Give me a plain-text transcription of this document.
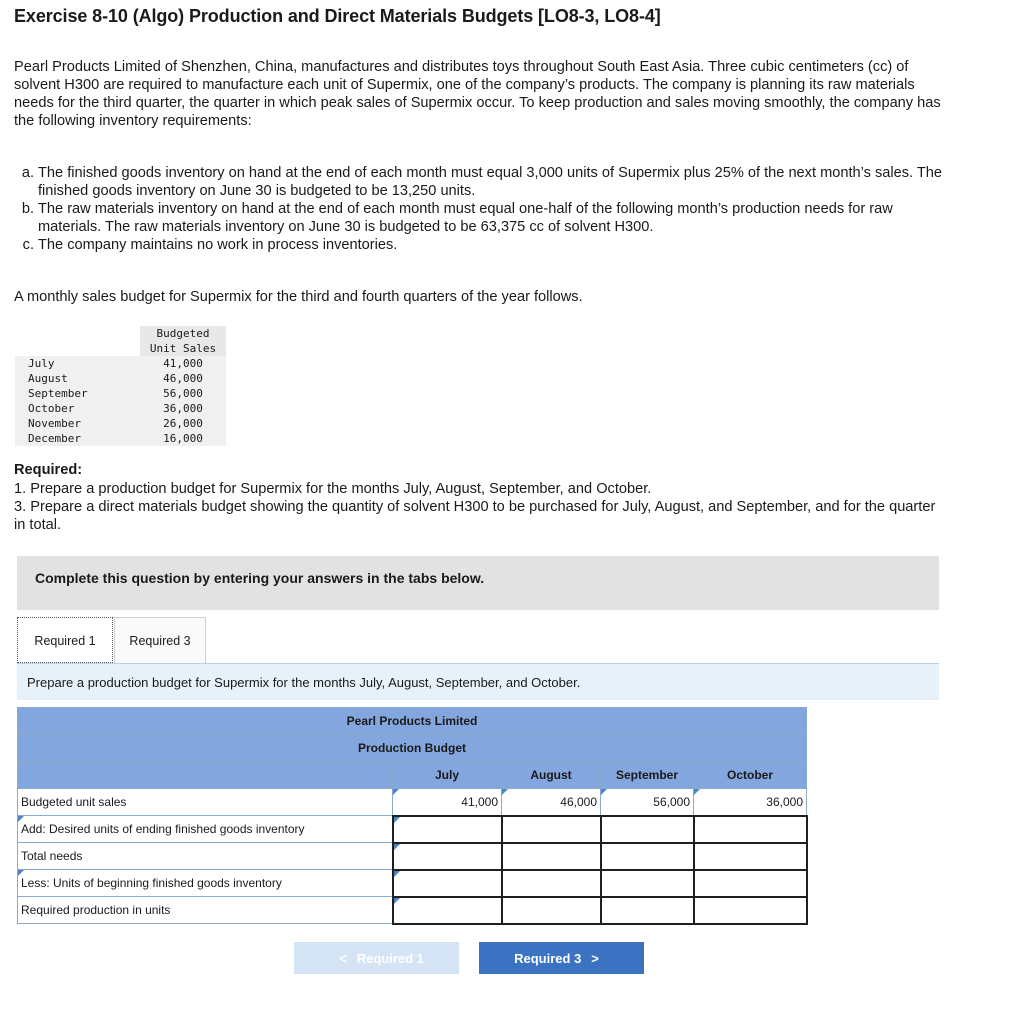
Exercise 8-10 (Algo) Production and Direct Materials Budgets [LO8-3, LO8-4]
Pearl Products Limited of Shenzhen, China, manufactures and distributes toys throughout South East Asia. Three cubic centimeters (cc) of solvent H300 are required to manufacture each unit of Supermix, one of the company’s products. The company is planning its raw materials needs for the third quarter, the quarter in which peak sales of Supermix occur. To keep production and sales moving smoothly, the company has the following inventory requirements:
a. The finished goods inventory on hand at the end of each month must equal 3,000 units of Supermix plus 25% of the next month’s sales. The finished goods inventory on June 30 is budgeted to be 13,250 units.
b. The raw materials inventory on hand at the end of each month must equal one-half of the following month’s production needs for raw materials. The raw materials inventory on June 30 is budgeted to be 63,375 cc of solvent H300.
c. The company maintains no work in process inventories.
A monthly sales budget for Supermix for the third and fourth quarters of the year follows.
	Budgeted
	Unit Sales
July	41,000
August	46,000
September	56,000
October	36,000
November	26,000
December	16,000
Required:
1. Prepare a production budget for Supermix for the months July, August, September, and October.
3. Prepare a direct materials budget showing the quantity of solvent H300 to be purchased for July, August, and September, and for the quarter in total.
Complete this question by entering your answers in the tabs below.
Required 1	Required 3
Prepare a production budget for Supermix for the months July, August, September, and October.
Pearl Products Limited				
Production Budget				
	July	August	September	October
Budgeted unit sales	41,000	46,000	56,000	36,000

Add: Desired units of ending finished goods inventory	

Total needs	

Less: Units of beginning finished goods inventory	

Required production in units	

< Required 1	Required 3 >
